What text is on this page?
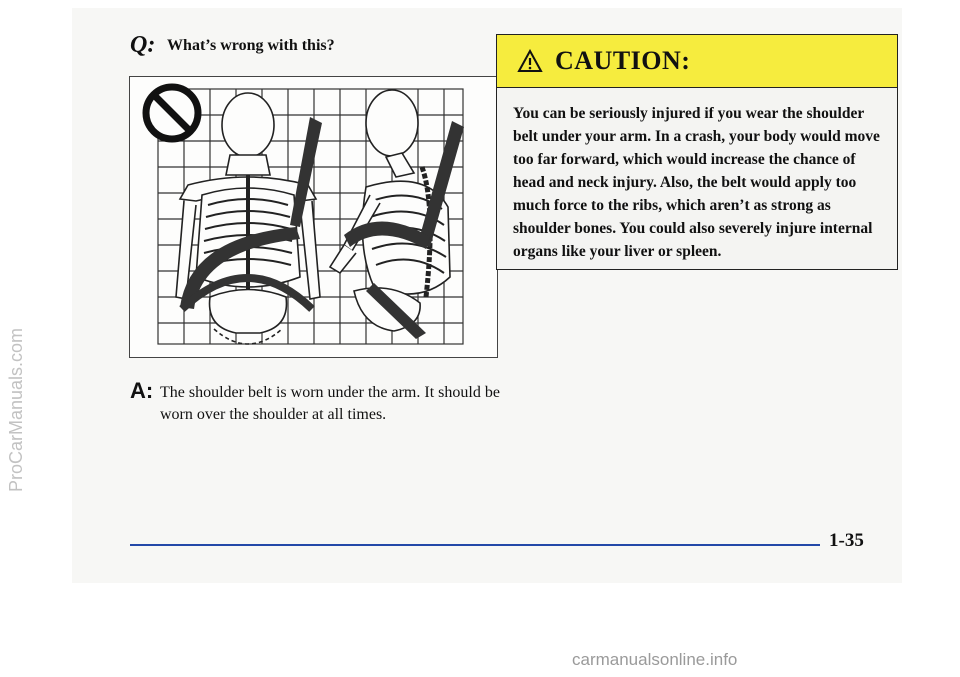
ProCarManuals.com
Q: What’s wrong with this?
A: The shoulder belt is worn under the arm. It should be worn over the shoulder at all times.
CAUTION:
You can be seriously injured if you wear the shoulder belt under your arm. In a crash, your body would move too far forward, which would increase the chance of head and neck injury. Also, the belt would apply too much force to the ribs, which aren’t as strong as shoulder bones. You could also severely injure internal organs like your liver or spleen.
1-35
carmanualsonline.info
